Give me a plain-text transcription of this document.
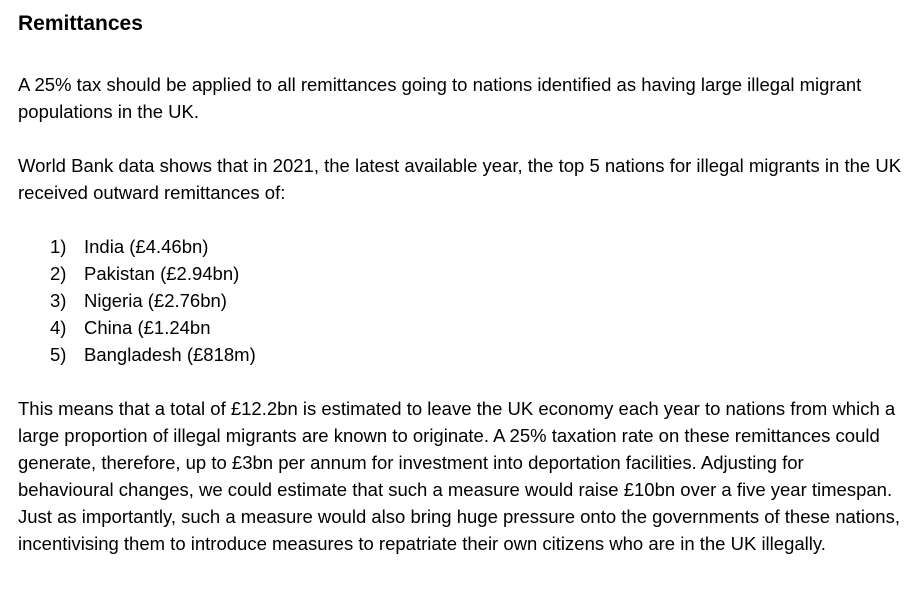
Remittances

A 25% tax should be applied to all remittances going to nations identified as having large illegal migrant populations in the UK.

World Bank data shows that in 2021, the latest available year, the top 5 nations for illegal migrants in the UK received outward remittances of:

1) India (£4.46bn)
2) Pakistan (£2.94bn)
3) Nigeria (£2.76bn)
4) China (£1.24bn
5) Bangladesh (£818m)

This means that a total of £12.2bn is estimated to leave the UK economy each year to nations from which a large proportion of illegal migrants are known to originate. A 25% taxation rate on these remittances could generate, therefore, up to £3bn per annum for investment into deportation facilities. Adjusting for behavioural changes, we could estimate that such a measure would raise £10bn over a five year timespan. Just as importantly, such a measure would also bring huge pressure onto the governments of these nations, incentivising them to introduce measures to repatriate their own citizens who are in the UK illegally.
